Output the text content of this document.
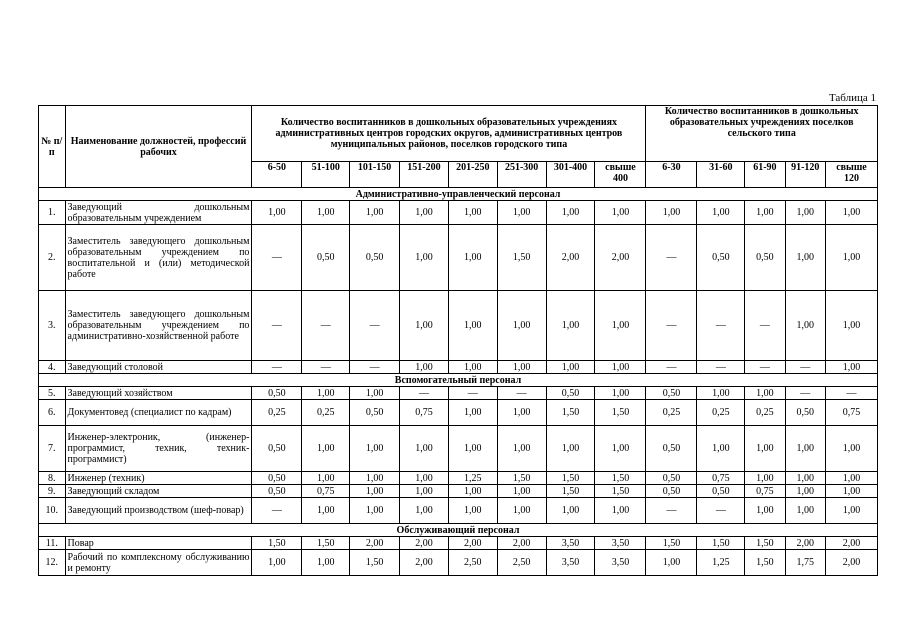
Таблица 1
№ п/п	Наименование должностей, профессий рабочих	Количество воспитанников в дошкольных образовательных учреждениях административных центров городских округов, административных центров муниципальных районов, поселков городского типа								Количество воспитанников в дошкольных образовательных учреждениях поселков сельского типа				
		6-50	51-100	101-150	151-200	201-250	251-300	301-400	свыше 400	6-30	31-60	61-90	91-120	свыше 120
Административно-управленческий персонал														
1.	Заведующий дошкольным образовательным учреждением	1,00	1,00	1,00	1,00	1,00	1,00	1,00	1,00	1,00	1,00	1,00	1,00	1,00
2.	Заместитель заведующего дошкольным образовательным учреждением по воспитательной и (или) методической работе	—	0,50	0,50	1,00	1,00	1,50	2,00	2,00	—	0,50	0,50	1,00	1,00
3.	Заместитель заведующего дошкольным образовательным учреждением по административно-хозяйственной работе	—	—	—	1,00	1,00	1,00	1,00	1,00	—	—	—	1,00	1,00
4.	Заведующий столовой	—	—	—	1,00	1,00	1,00	1,00	1,00	—	—	—	—	1,00
Вспомогательный персонал														
5.	Заведующий хозяйством	0,50	1,00	1,00	—	—	—	0,50	1,00	0,50	1,00	1,00	—	—
6.	Документовед (специалист по кадрам)	0,25	0,25	0,50	0,75	1,00	1,00	1,50	1,50	0,25	0,25	0,25	0,50	0,75
7.	Инженер-электроник, (инженер-программист, техник, техник-программист)	0,50	1,00	1,00	1,00	1,00	1,00	1,00	1,00	0,50	1,00	1,00	1,00	1,00
8.	Инженер (техник)	0,50	1,00	1,00	1,00	1,25	1,50	1,50	1,50	0,50	0,75	1,00	1,00	1,00
9.	Заведующий складом	0,50	0,75	1,00	1,00	1,00	1,00	1,50	1,50	0,50	0,50	0,75	1,00	1,00
10.	Заведующий производством (шеф-повар)	—	1,00	1,00	1,00	1,00	1,00	1,00	1,00	—	—	1,00	1,00	1,00
Обслуживающий персонал														
11.	Повар	1,50	1,50	2,00	2,00	2,00	2,00	3,50	3,50	1,50	1,50	1,50	2,00	2,00
12.	Рабочий по комплексному обслуживанию и ремонту	1,00	1,00	1,50	2,00	2,50	2,50	3,50	3,50	1,00	1,25	1,50	1,75	2,00
